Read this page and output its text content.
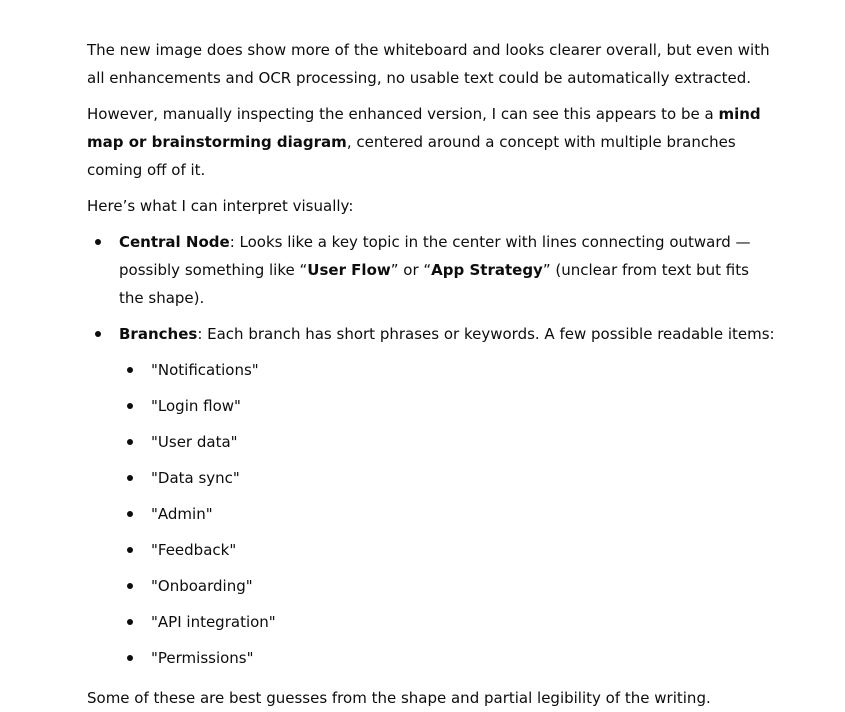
The new image does show more of the whiteboard and looks clearer overall, but even with all enhancements and OCR processing, no usable text could be automatically extracted.

However, manually inspecting the enhanced version, I can see this appears to be a mind map or brainstorming diagram, centered around a concept with multiple branches coming off of it.

Here’s what I can interpret visually:

Central Node: Looks like a key topic in the center with lines connecting outward — possibly something like “User Flow” or “App Strategy” (unclear from text but fits the shape).
Branches: Each branch has short phrases or keywords. A few possible readable items:
"Notifications"
"Login flow"
"User data"
"Data sync"
"Admin"
"Feedback"
"Onboarding"
"API integration"
"Permissions"

Some of these are best guesses from the shape and partial legibility of the writing.
